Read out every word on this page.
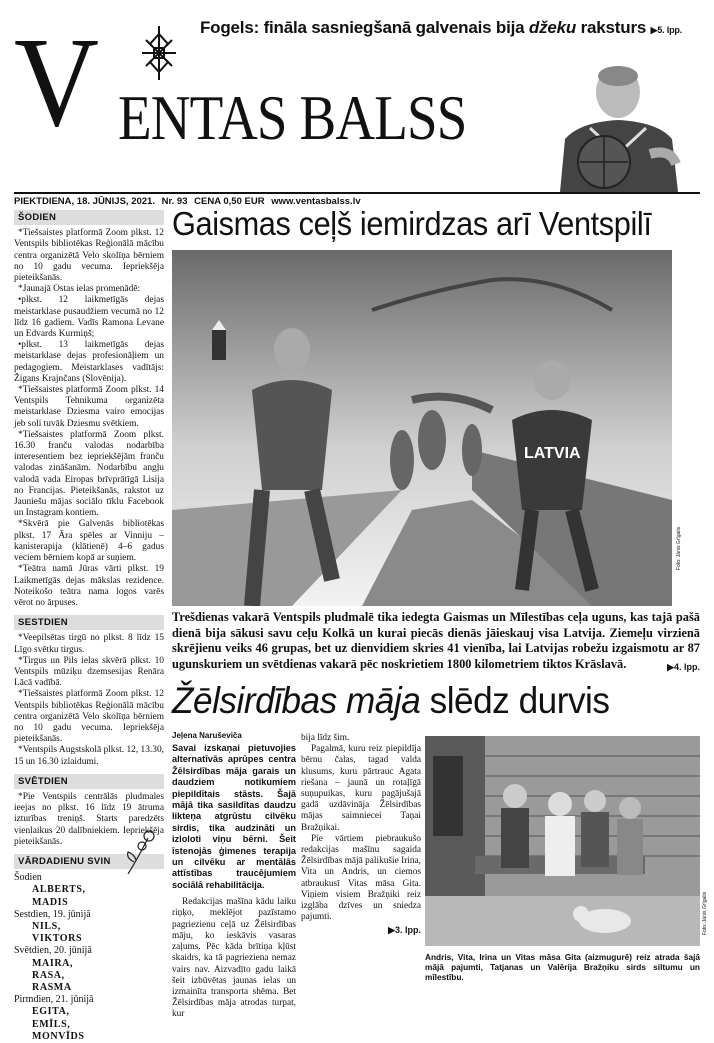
Fogels: fināla sasniegšanā galvenais bija džeku raksturs ▶5. lpp.
V ENTAS BALSS
PIEKTDIENA, 18. JŪNIJS, 2021. Nr. 93 CENA 0,50 EUR www.ventasbalss.lv
ŠODIEN

*Tiešsaistes platformā Zoom plkst. 12 Ventspils bibliotēkas Reģionālā mācību centra organizētā Velo skolīņa bērniem no 10 gadu vecuma. Iepriekšēja pieteikšanās.

*Jaunajā Ostas ielas promenādē:

•plkst. 12 laikmetīgās dejas meistarklase pusaudžiem vecumā no 12 līdz 16 gadiem. Vadīs Ramona Levane un Edvards Kurmiņš;

•plkst. 13 laikmetīgās dejas meistarklase dejas profesionāļiem un pedagogiem. Meistarklases vadītājs: Žigans Krajnčans (Slovēnija).

*Tiešsaistes platformā Zoom plkst. 14 Ventspils Tehnikuma organizēta meistarklase Dziesma vairo emocijas jeb soli tuvāk Dziesmu svētkiem.

*Tiešsaistes platformā Zoom plkst. 16.30 franču valodas nodarbība interesentiem bez iepriekšējām franču valodas zināšanām. Nodarbību angļu valodā vada Eiropas brīvprātīgā Lisija no Francijas. Pieteikšanās, rakstot uz Jauniešu mājas sociālo tīklu Facebook un Instagram kontiem.

*Skvērā pie Galvenās bibliotēkas plkst. 17 Āra spēles ar Vinniju – kanisterapija (klātienē) 4–6 gadus veciem bērniem kopā ar suņiem.

*Teātra namā Jūras vārti plkst. 19 Laikmetīgās dejas mākslas rezidence. Noteikošo teātra nama logos varēs vērot no ārpuses.

SESTDIEN

*Veepilsētas tirgū no plkst. 8 līdz 15 Līgo svētku tirgus.

*Tirgus un Pils ielas skvērā plkst. 10 Ventspils mūziķu dzemsesijas Renāra Lācā vadībā.

*Tiešsaistes platformā Zoom plkst. 12 Ventspils bibliotēkas Reģionālā mācību centra organizētā Velo skolīņa bērniem no 10 gadu vecuma. Iepriekšēja pieteikšanās.

*Ventspils Augstskolā plkst. 12, 13.30, 15 un 16.30 izlaidumi.

SVĒTDIEN

*Pie Ventspils centrālās pludmales ieejas no plkst. 16 līdz 19 ātruma izturības treniņš. Starts paredzēts vienlaikus 20 dalībniekiem. Iepriekšēja pieteikšanās.

VĀRDADIENU SVIN
Šodien
ALBERTS,
MADIS
Sestdien, 19. jūnijā
NILS,
VIKTORS
Svētdien, 20. jūnijā
MAIRA,
RASA,
RASMA
Pirmdien, 21. jūnijā
EGITA,
EMĪLS,
MONVĪDS
Gaismas ceļš iemirdzas arī Ventspilī
LATVIA
Foto: Jānis Grīgalis
Trešdienas vakarā Ventspils pludmalē tika iedegta Gaismas un Mīlestības ceļa uguns, kas tajā pašā dienā bija sākusi savu ceļu Kolkā un kurai piecās dienās jāieskauj visa Latvija. Ziemeļu virzienā skrējienu veiks 46 grupas, bet uz dienvidiem skries 41 vienība, lai Latvijas robežu izgaismotu ar 87 ugunskuriem un svētdienas vakarā pēc noskrietiem 1800 kilometriem tiktos Krāslavā.	▶4. lpp.
Žēlsirdības māja slēdz durvis
Jeļena Naruševiča

Savai izskaņai pietuvojies alternatīvās aprūpes centra Žēlsirdības māja garais un daudziem notikumiem piepildītais stāsts. Šajā mājā tika sasildītas daudzu likteņa atgrūstu cilvēku sirdis, tika audzināti un izloloti viņu bērni. Šeit īstenojās ģimenes terapija un cilvēku ar mentālās attīstības traucējumiem sociālā rehabilitācija.

Redakcijas mašīna kādu laiku riņķo, meklējot pazīstamo pagriezienu ceļā uz Žēlsirdības māju, ko ieskāvis vasaras zaļums. Pēc kāda brītiņa kļūst skaidrs, ka tā pagriezienа nemaz vairs nav. Aizvadīto gadu laikā šeit izbūvētas jaunas ielas un izmainīta transporta shēma. Bet Žēlsirdības māja atrodas turpat, kur

bija līdz šim.

Pagalmā, kuru reiz piepildīja bērnu čalas, tagad valda klusums, kuru pārtrauc Agata riešana – jaunā un rotaļīgā suņupuikas, kuru pagājušajā gadā uzdāvināja Žēlsirdības mājas saimniecei Taņai Bražņikai.

Pie vārtiem piebraukušo redakcijas mašīnu sagaida Žēlsirdības mājā palikušie Irina, Vita un Andris, un ciemos atbraukusī Vitas māsa Gita. Viņiem visiem Bražņiki reiz izglāba dzīves un sniedza pajumti.

▶3. lpp.	Foto: Jānis Grīgalis
Andris, Vita, Irina un Vitas māsa Gita (aizmugurē) reiz atrada šajā mājā pajumti, Tatjanas un Valērija Bražņiku sirds siltumu un mīlestību.
